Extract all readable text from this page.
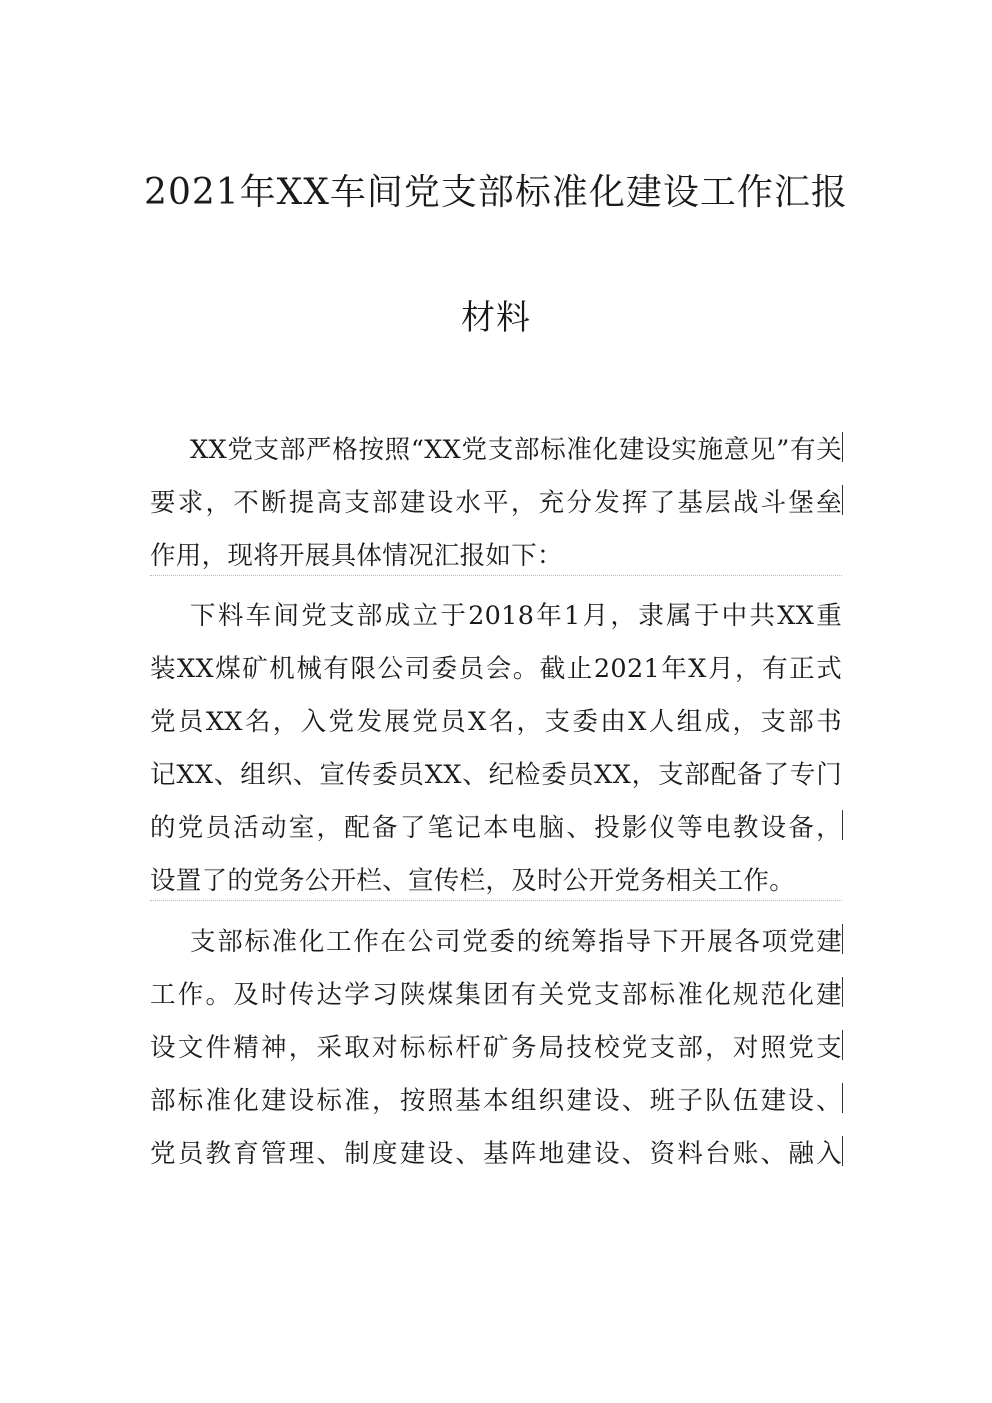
2021年XX车间党支部标准化建设工作汇报
材料
XX党支部严格按照“XX党支部标准化建设实施意见”有关
要求，不断提高支部建设水平，充分发挥了基层战斗堡垒
作用，现将开展具体情况汇报如下：
下料车间党支部成立于2018年1月，隶属于中共XX重
装XX煤矿机械有限公司委员会。截止2021年X月，有正式
党员XX名，入党发展党员X名，支委由X人组成，支部书
记XX、组织、宣传委员XX、纪检委员XX，支部配备了专门
的党员活动室，配备了笔记本电脑、投影仪等电教设备，
设置了的党务公开栏、宣传栏，及时公开党务相关工作。
支部标准化工作在公司党委的统筹指导下开展各项党建
工作。及时传达学习陕煤集团有关党支部标准化规范化建
设文件精神，采取对标标杆矿务局技校党支部，对照党支
部标准化建设标准，按照基本组织建设、班子队伍建设、
党员教育管理、制度建设、基阵地建设、资料台账、融入
